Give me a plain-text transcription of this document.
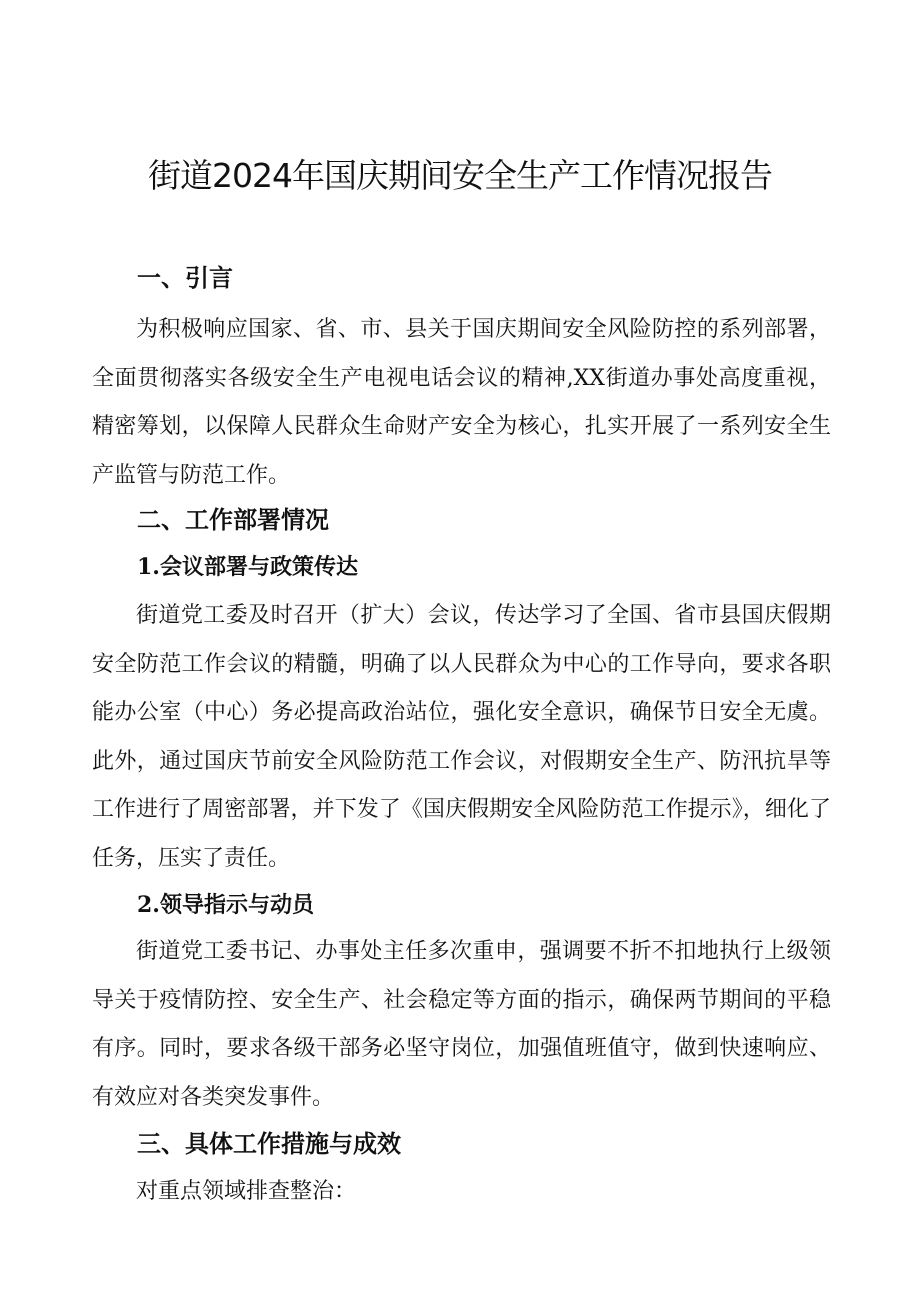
街道2024年国庆期间安全生产工作情况报告
一、引言

为积极响应国家、省、市、县关于国庆期间安全风险防控的系列部署，全面贯彻落实各级安全生产电视电话会议的精神,XX街道办事处高度重视，精密筹划，以保障人民群众生命财产安全为核心，扎实开展了一系列安全生产监管与防范工作。

二、工作部署情况
1.会议部署与政策传达

街道党工委及时召开（扩大）会议，传达学习了全国、省市县国庆假期安全防范工作会议的精髓，明确了以人民群众为中心的工作导向，要求各职能办公室（中心）务必提高政治站位，强化安全意识，确保节日安全无虞。此外，通过国庆节前安全风险防范工作会议，对假期安全生产、防汛抗旱等工作进行了周密部署，并下发了《国庆假期安全风险防范工作提示》，细化了任务，压实了责任。

2.领导指示与动员

街道党工委书记、办事处主任多次重申，强调要不折不扣地执行上级领导关于疫情防控、安全生产、社会稳定等方面的指示，确保两节期间的平稳有序。同时，要求各级干部务必坚守岗位，加强值班值守，做到快速响应、有效应对各类突发事件。

三、具体工作措施与成效

对重点领域排查整治：
